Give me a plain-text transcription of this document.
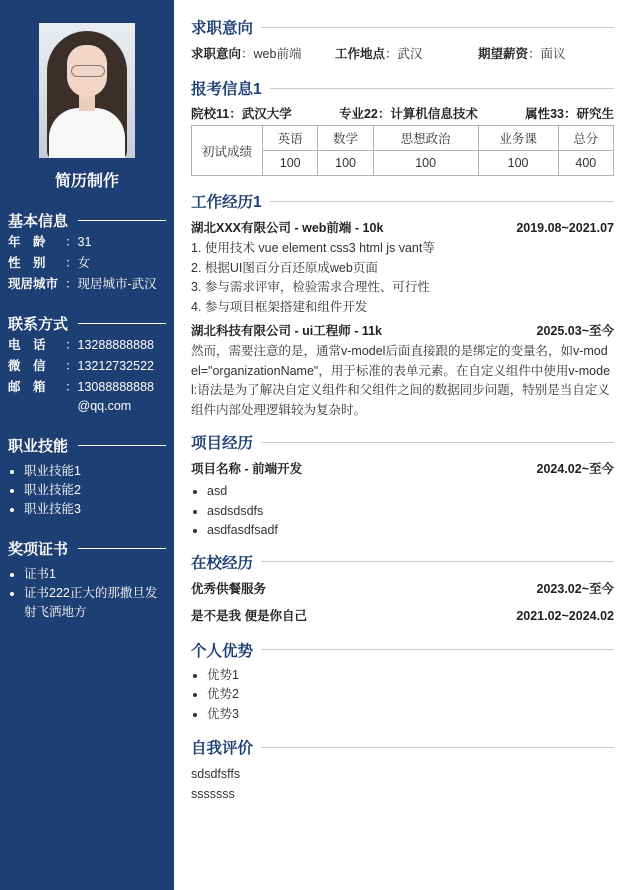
简历制作
基本信息
年　龄	： 31
性　别	： 女
现居城市 ： 现居城市-武汉
联系方式
电　话	： 13288888888
微　信	： 13212732522
邮　箱	： 13088888888@qq.com
职业技能
• 职业技能1
• 职业技能2
• 职业技能3
奖项证书
• 证书1
• 证书222正大的那撒旦发射飞洒地方
求职意向
求职意向：web前端	工作地点：武汉	期望薪资：面议
报考信息1
院校11：武汉大学	专业22：计算机信息技术	属性33：研究生
初试成绩	英语	数学	思想政治	业务课	总分
	100	100	100	100	400
工作经历1
湖北XXX有限公司 - web前端 - 10k	2019.08~2021.07
1. 使用技术 vue element css3 html js vant等
2. 根据UI图百分百还原成web页面
3. 参与需求评审，检验需求合理性、可行性
4. 参与项目框架搭建和组件开发
湖北科技有限公司 - ui工程师 - 11k	2025.03~至今
然而，需要注意的是，通常v-model后面直接跟的是绑定的变量名，如v-model="organizationName"，用于标准的表单元素。在自定义组件中使用v-model:语法是为了解决自定义组件和父组件之间的数据同步问题，特别是当自定义组件内部处理逻辑较为复杂时。
项目经历
项目名称 - 前端开发	2024.02~至今
• asd
• asdsdsdfs
• asdfasdfsadf
在校经历
优秀供餐服务	2023.02~至今
是不是我 便是你自己	2021.02~2024.02
个人优势
• 优势1
• 优势2
• 优势3
自我评价
sdsdfsffs
sssssss
